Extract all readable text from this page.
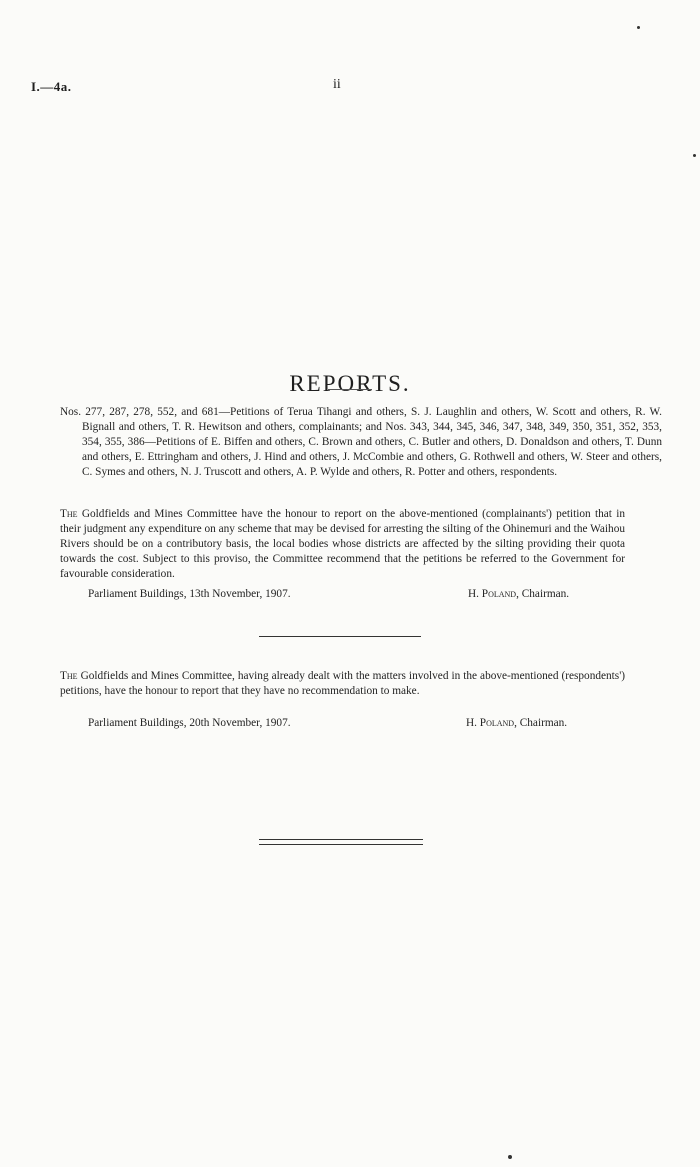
I.—4a.	ii
REPORTS.
Nos. 277, 287, 278, 552, and 681—Petitions of Terua Tihangi and others, S. J. Laughlin and others, W. Scott and others, R. W. Bignall and others, T. R. Hewitson and others, complainants; and Nos. 343, 344, 345, 346, 347, 348, 349, 350, 351, 352, 353, 354, 355, 386—Petitions of E. Biffen and others, C. Brown and others, C. Butler and others, D. Donaldson and others, T. Dunn and others, E. Ettringham and others, J. Hind and others, J. McCombie and others, G. Rothwell and others, W. Steer and others, C. Symes and others, N. J. Truscott and others, A. P. Wylde and others, R. Potter and others, respondents.

The Goldfields and Mines Committee have the honour to report on the above-mentioned (complainants') petition that in their judgment any expenditure on any scheme that may be devised for arresting the silting of the Ohinemuri and the Waihou Rivers should be on a contributory basis, the local bodies whose districts are affected by the silting providing their quota towards the cost. Subject to this proviso, the Committee recommend that the petitions be referred to the Government for favourable consideration.

Parliament Buildings, 13th November, 1907.	H. Poland, Chairman.

The Goldfields and Mines Committee, having already dealt with the matters involved in the above-mentioned (respondents') petitions, have the honour to report that they have no recommendation to make.

Parliament Buildings, 20th November, 1907.	H. Poland, Chairman.
